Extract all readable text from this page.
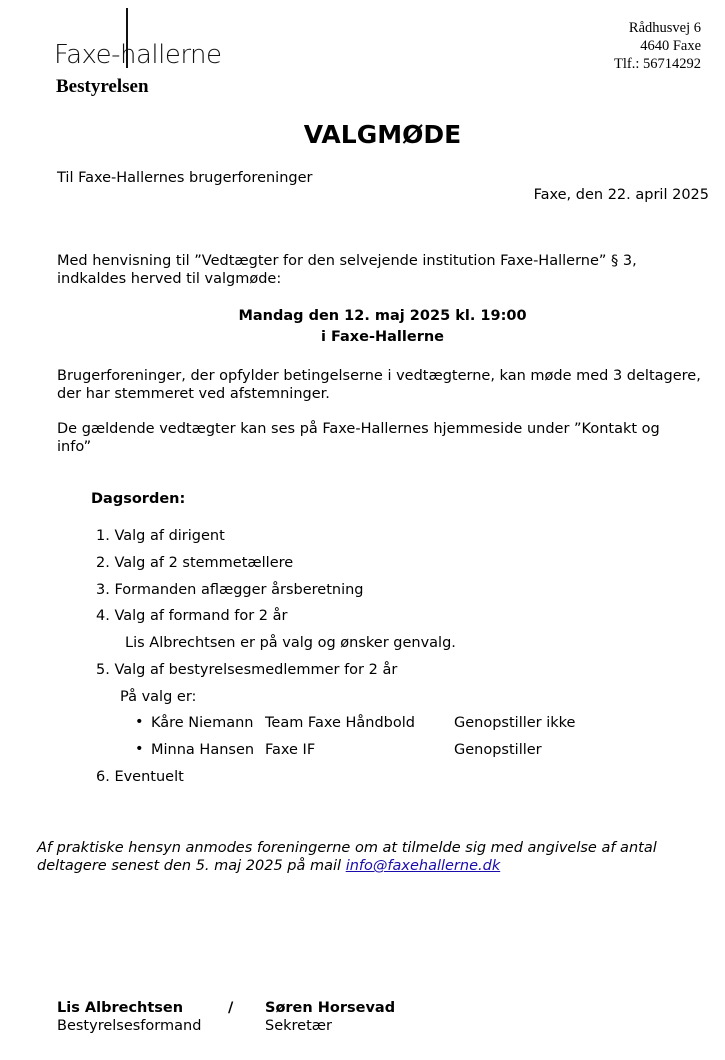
Faxe-hallerne
Bestyrelsen
Rådhusvej 6
4640 Faxe
Tlf.: 56714292
VALGMØDE
Til Faxe-Hallernes brugerforeninger
Faxe, den 22. april 2025
Med henvisning til ”Vedtægter for den selvejende institution Faxe-Hallerne” § 3,
indkaldes herved til valgmøde:
Mandag den 12. maj 2025 kl. 19:00
i Faxe-Hallerne
Brugerforeninger, der opfylder betingelserne i vedtægterne, kan møde med 3 deltagere,
der har stemmeret ved afstemninger.
De gældende vedtægter kan ses på Faxe-Hallernes hjemmeside under ”Kontakt og
info”
Dagsorden:
1. Valg af dirigent
2. Valg af 2 stemmetællere
3. Formanden aflægger årsberetning
4. Valg af formand for 2 år
Lis Albrechtsen er på valg og ønsker genvalg.
5. Valg af bestyrelsesmedlemmer for 2 år
På valg er:
• Kåre Niemann Team Faxe Håndbold	Genopstiller ikke
• Minna Hansen Faxe IF	Genopstiller
6. Eventuelt
Af praktiske hensyn anmodes foreningerne om at tilmelde sig med angivelse af antal
deltagere senest den 5. maj 2025 på mail info@faxehallerne.dk
Lis Albrechtsen
Bestyrelsesformand
/ Søren Horsevad
Sekretær
